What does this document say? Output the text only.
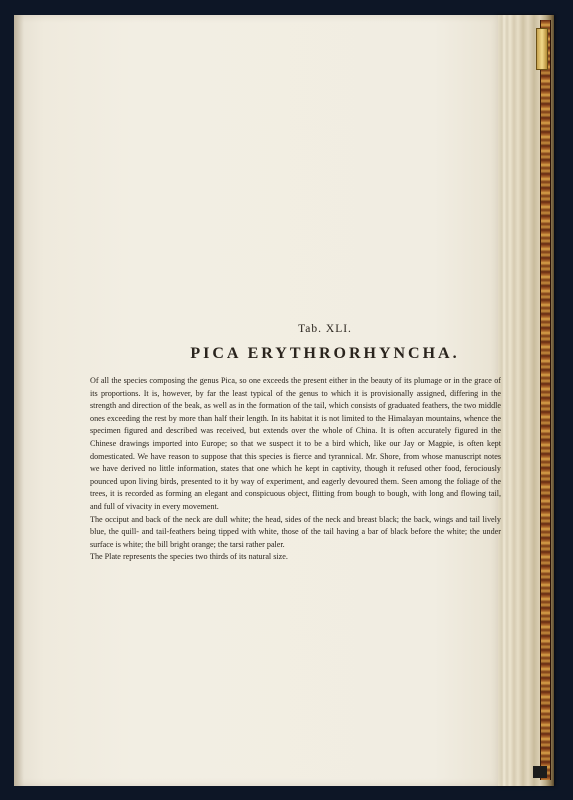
Tab. XLI.
PICA ERYTHRORHYNCHA.

Of all the species composing the genus Pica, so one exceeds the present either in the beauty of its plumage or in the grace of its proportions. It is, however, by far the least typical of the genus to which it is provisionally assigned, differing in the strength and direction of the beak, as well as in the formation of the tail, which consists of graduated feathers, the two middle ones exceeding the rest by more than half their length. In its habitat it is not limited to the Himalayan mountains, whence the specimen figured and described was received, but extends over the whole of China. It is often accurately figured in the Chinese drawings imported into Europe; so that we suspect it to be a bird which, like our Jay or Magpie, is often kept domesticated. We have reason to suppose that this species is fierce and tyrannical. Mr. Shore, from whose manuscript notes we have derived no little information, states that one which he kept in captivity, though it refused other food, ferociously pounced upon living birds, presented to it by way of experiment, and eagerly devoured them. Seen among the foliage of the trees, it is recorded as forming an elegant and conspicuous object, flitting from bough to bough, with long and flowing tail, and full of vivacity in every movement.

The occiput and back of the neck are dull white; the head, sides of the neck and breast black; the back, wings and tail lively blue, the quill- and tail-feathers being tipped with white, those of the tail having a bar of black before the white; the under surface is white; the bill bright orange; the tarsi rather paler.

The Plate represents the species two thirds of its natural size.
